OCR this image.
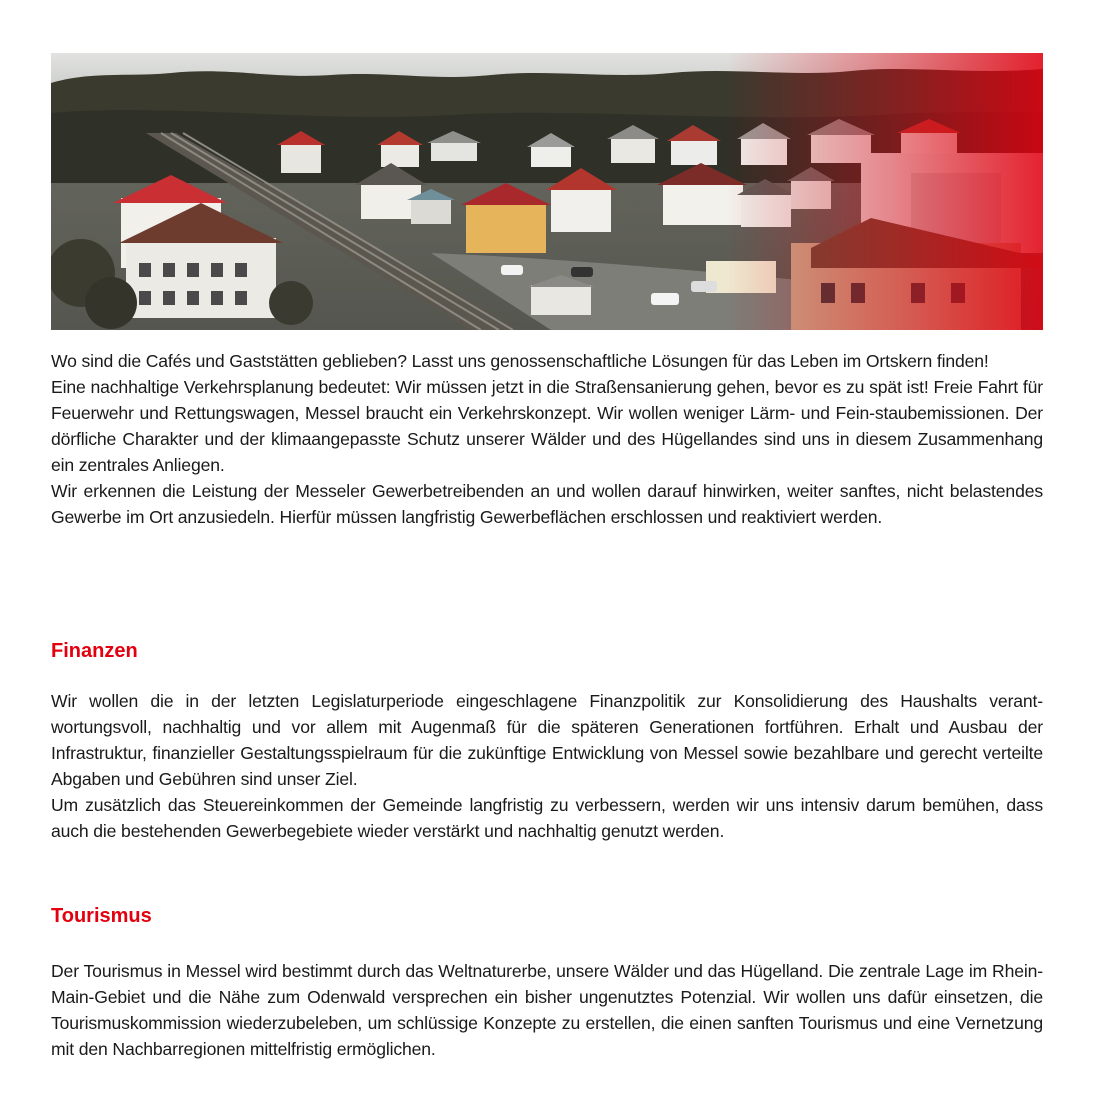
Wo sind die Cafés und Gaststätten geblieben? Lasst uns genossenschaftliche Lösungen für das Leben im Ortskern finden!

Eine nachhaltige Verkehrsplanung bedeutet: Wir müssen jetzt in die Straßensanierung gehen, bevor es zu spät ist! Freie Fahrt für Feuerwehr und Rettungswagen, Messel braucht ein Verkehrskonzept. Wir wollen weniger Lärm- und Fein-staubemissionen. Der dörfliche Charakter und der klimaangepasste Schutz unserer Wälder und des Hügellandes sind uns in diesem Zusammenhang ein zentrales Anliegen.

Wir erkennen die Leistung der Messeler Gewerbetreibenden an und wollen darauf hinwirken, weiter sanftes, nicht belastendes Gewerbe im Ort anzusiedeln. Hierfür müssen langfristig Gewerbeflächen erschlossen und reaktiviert werden.

Finanzen

Wir wollen die in der letzten Legislaturperiode eingeschlagene Finanzpolitik zur Konsolidierung des Haushalts verant-wortungsvoll, nachhaltig und vor allem mit Augenmaß für die späteren Generationen fortführen. Erhalt und Ausbau der Infrastruktur, finanzieller Gestaltungsspielraum für die zukünftige Entwicklung von Messel sowie bezahlbare und gerecht verteilte Abgaben und Gebühren sind unser Ziel.

Um zusätzlich das Steuereinkommen der Gemeinde langfristig zu verbessern, werden wir uns intensiv darum bemühen, dass auch die bestehenden Gewerbegebiete wieder verstärkt und nachhaltig genutzt werden.

Tourismus

Der Tourismus in Messel wird bestimmt durch das Weltnaturerbe, unsere Wälder und das Hügelland. Die zentrale Lage im Rhein-Main-Gebiet und die Nähe zum Odenwald versprechen ein bisher ungenutztes Potenzial. Wir wollen uns dafür einsetzen, die Tourismuskommission wiederzubeleben, um schlüssige Konzepte zu erstellen, die einen sanften Tourismus und eine Vernetzung mit den Nachbarregionen mittelfristig ermöglichen.
